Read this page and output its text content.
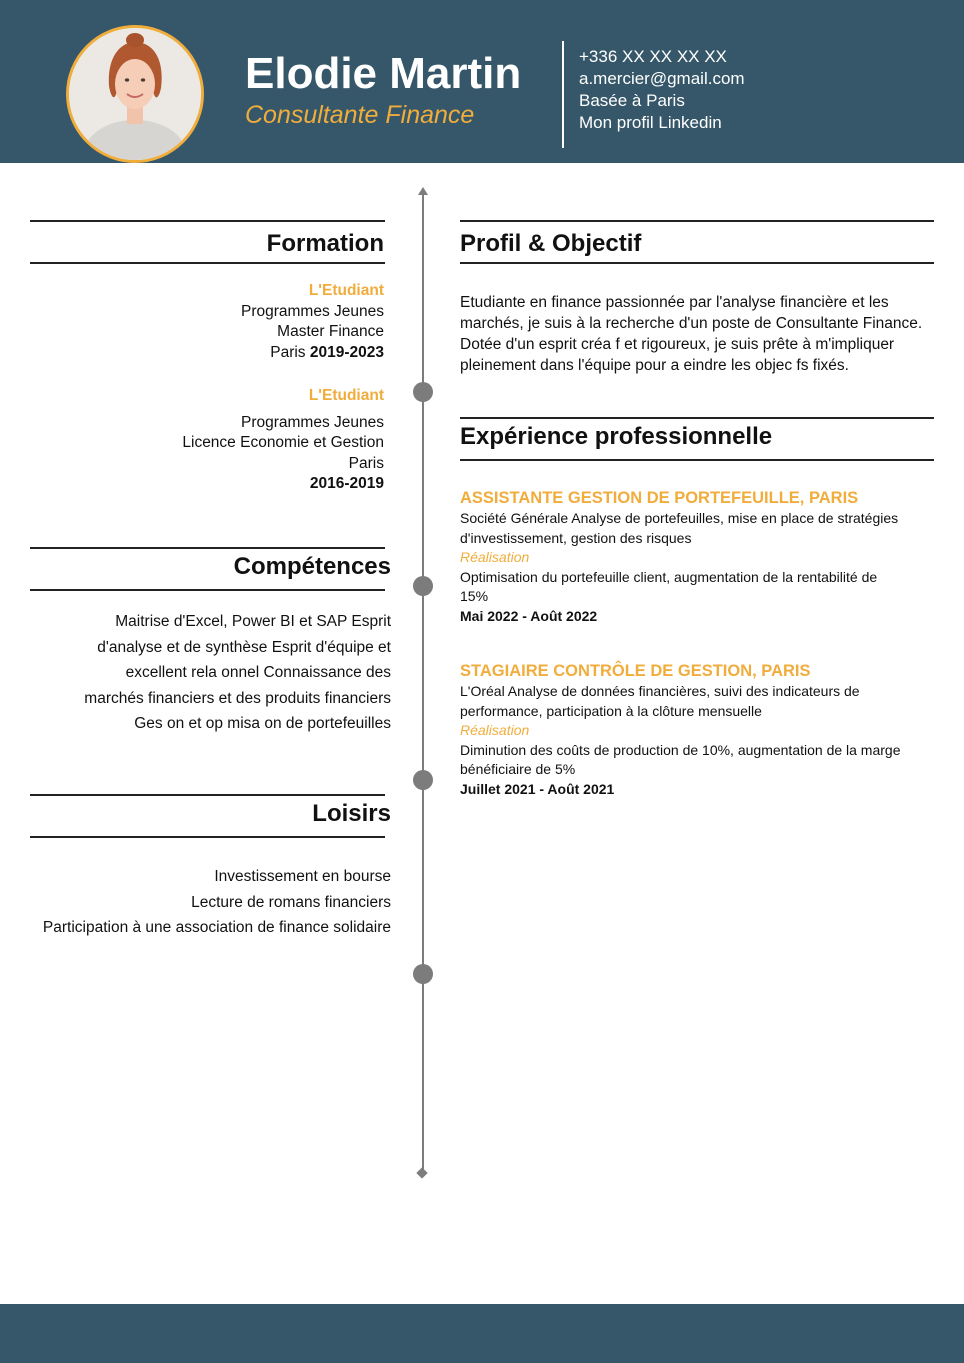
Elodie Martin
Consultante Finance
+336 XX XX XX XX
a.mercier@gmail.com
Basée à Paris
Mon profil Linkedin
Formation
L'Etudiant
Programmes Jeunes
Master Finance
Paris 2019-2023
L'Etudiant
Programmes Jeunes
Licence Economie et Gestion
Paris
2016-2019
Compétences
Maitrise d'Excel, Power BI et SAP Esprit
d'analyse et de synthèse Esprit d'équipe et
excellent rela onnel Connaissance des
marchés financiers et des produits financiers
Ges on et op misa on de portefeuilles
Loisirs
Investissement en bourse
Lecture de romans financiers
Participation à une association de finance solidaire
Profil & Objectif
Etudiante en finance passionnée par l'analyse financière et les
marchés, je suis à la recherche d'un poste de Consultante Finance.
Dotée d'un esprit créa f et rigoureux, je suis prête à m'impliquer
pleinement dans l'équipe pour a eindre les objec fs fixés.
Expérience professionnelle
ASSISTANTE GESTION DE PORTEFEUILLE, PARIS
Société Générale Analyse de portefeuilles, mise en place de stratégies
d'investissement, gestion des risques
Réalisation
Optimisation du portefeuille client, augmentation de la rentabilité de
15%
Mai 2022 - Août 2022
STAGIAIRE CONTRÔLE DE GESTION, PARIS
L'Oréal Analyse de données financières, suivi des indicateurs de
performance, participation à la clôture mensuelle
Réalisation
Diminution des coûts de production de 10%, augmentation de la marge
bénéficiaire de 5%
Juillet 2021 - Août 2021
